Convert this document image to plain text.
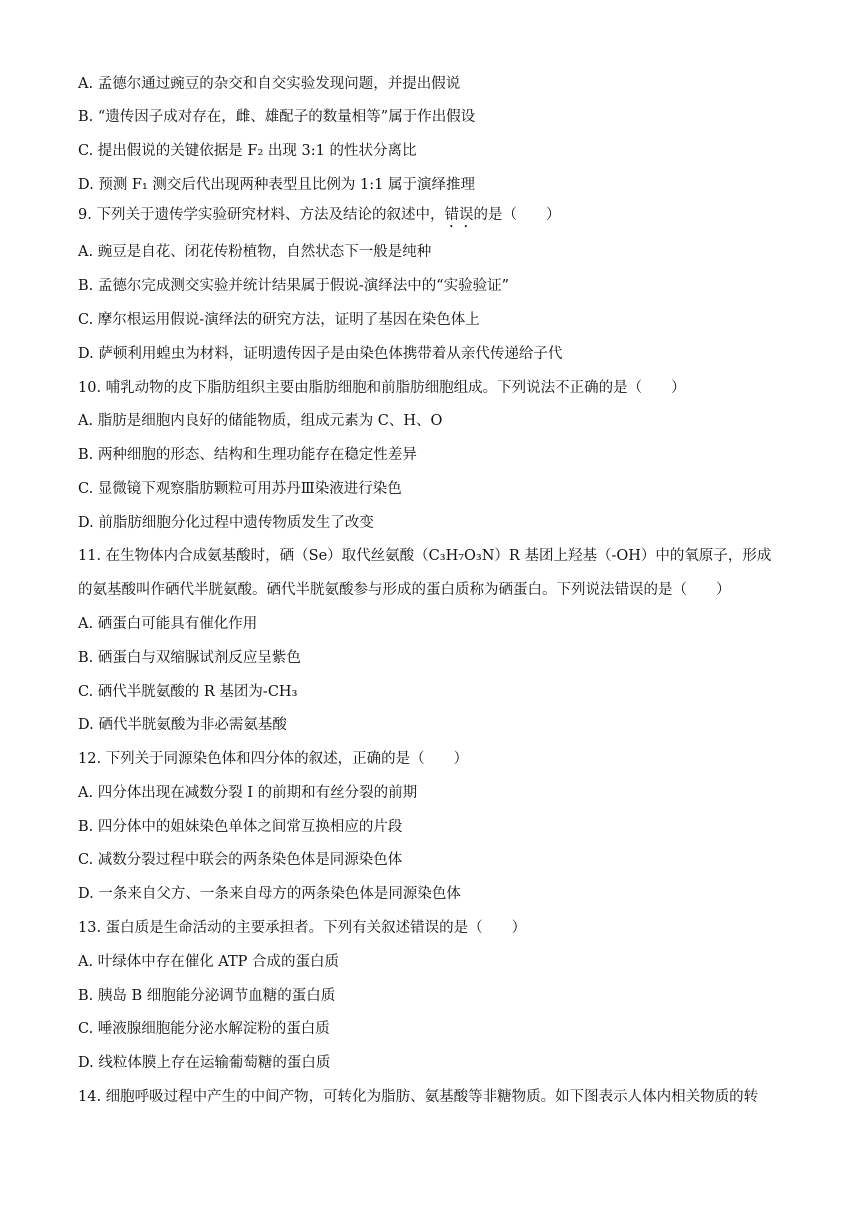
A. 孟德尔通过豌豆的杂交和自交实验发现问题，并提出假说
B. “遗传因子成对存在，雌、雄配子的数量相等”属于作出假设
C. 提出假说的关键依据是 F₂ 出现 3:1 的性状分离比
D. 预测 F₁ 测交后代出现两种表型且比例为 1:1 属于演绎推理
9. 下列关于遗传学实验研究材料、方法及结论的叙述中，错误的是（　　）
A. 豌豆是自花、闭花传粉植物，自然状态下一般是纯种
B. 孟德尔完成测交实验并统计结果属于假说-演绎法中的“实验验证”
C. 摩尔根运用假说-演绎法的研究方法，证明了基因在染色体上
D. 萨顿利用蝗虫为材料，证明遗传因子是由染色体携带着从亲代传递给子代
10. 哺乳动物的皮下脂肪组织主要由脂肪细胞和前脂肪细胞组成。下列说法不正确的是（　　）
A. 脂肪是细胞内良好的储能物质，组成元素为 C、H、O
B. 两种细胞的形态、结构和生理功能存在稳定性差异
C. 显微镜下观察脂肪颗粒可用苏丹Ⅲ染液进行染色
D. 前脂肪细胞分化过程中遗传物质发生了改变
11. 在生物体内合成氨基酸时，硒（Se）取代丝氨酸（C₃H₇O₃N）R 基团上羟基（-OH）中的氧原子，形成
的氨基酸叫作硒代半胱氨酸。硒代半胱氨酸参与形成的蛋白质称为硒蛋白。下列说法错误的是（　　）
A. 硒蛋白可能具有催化作用
B. 硒蛋白与双缩脲试剂反应呈紫色
C. 硒代半胱氨酸的 R 基团为-CH₃
D. 硒代半胱氨酸为非必需氨基酸
12. 下列关于同源染色体和四分体的叙述，正确的是（　　）
A. 四分体出现在减数分裂 I 的前期和有丝分裂的前期
B. 四分体中的姐妹染色单体之间常互换相应的片段
C. 减数分裂过程中联会的两条染色体是同源染色体
D. 一条来自父方、一条来自母方的两条染色体是同源染色体
13. 蛋白质是生命活动的主要承担者。下列有关叙述错误的是（　　）
A. 叶绿体中存在催化 ATP 合成的蛋白质
B. 胰岛 B 细胞能分泌调节血糖的蛋白质
C. 唾液腺细胞能分泌水解淀粉的蛋白质
D. 线粒体膜上存在运输葡萄糖的蛋白质
14. 细胞呼吸过程中产生的中间产物，可转化为脂肪、氨基酸等非糖物质。如下图表示人体内相关物质的转
